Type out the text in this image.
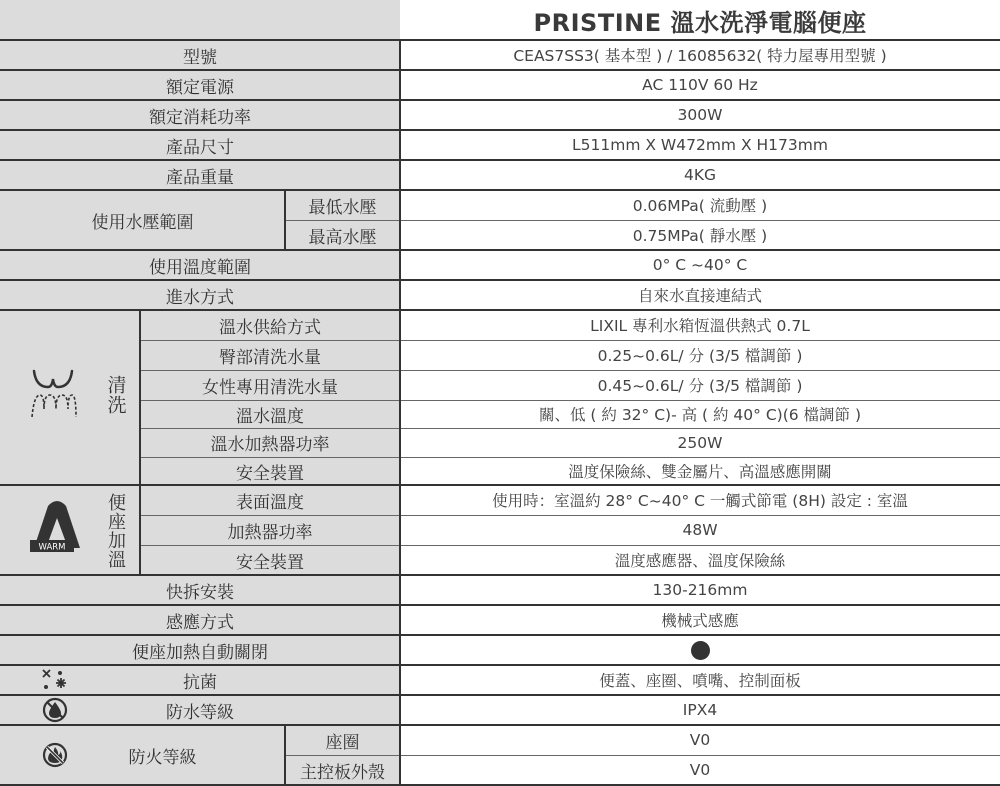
PRISTINE 溫水洗淨電腦便座
CEAS7SS3( 基本型 ) / 16085632( 特力屋專用型號 )
AC 110V 60 Hz
300W
L511mm X W472mm X H173mm
4KG
0.06MPa( 流動壓 )
0.75MPa( 靜水壓 )
0° C ~40° C
自來水直接連結式
LIXIL 專利水箱恆溫供熱式 0.7L
0.25~0.6L/ 分 (3/5 檔調節 )
0.45~0.6L/ 分 (3/5 檔調節 )
關、低 ( 約 32° C)- 高 ( 約 40° C)(6 檔調節 )
250W
溫度保險絲、雙金屬片、高溫感應開關
使用時：室溫約 28° C~40° C 一觸式節電 (8H) 設定 : 室溫
48W
溫度感應器、溫度保險絲
130-216mm
機械式感應
便蓋、座圈、噴嘴、控制面板
IPX4
V0
V0
型號
額定電源
額定消耗功率
產品尺寸
產品重量
使用水壓範圍
最低水壓
最高水壓
使用溫度範圍
進水方式
清洗
溫水供給方式
臀部清洗水量
女性專用清洗水量
溫水溫度
溫水加熱器功率
安全裝置
WARM	便座加溫	表面溫度
加熱器功率
安全裝置
快拆安裝
感應方式
便座加熱自動關閉
抗菌
防水等級
防火等級
座圈
主控板外殼
